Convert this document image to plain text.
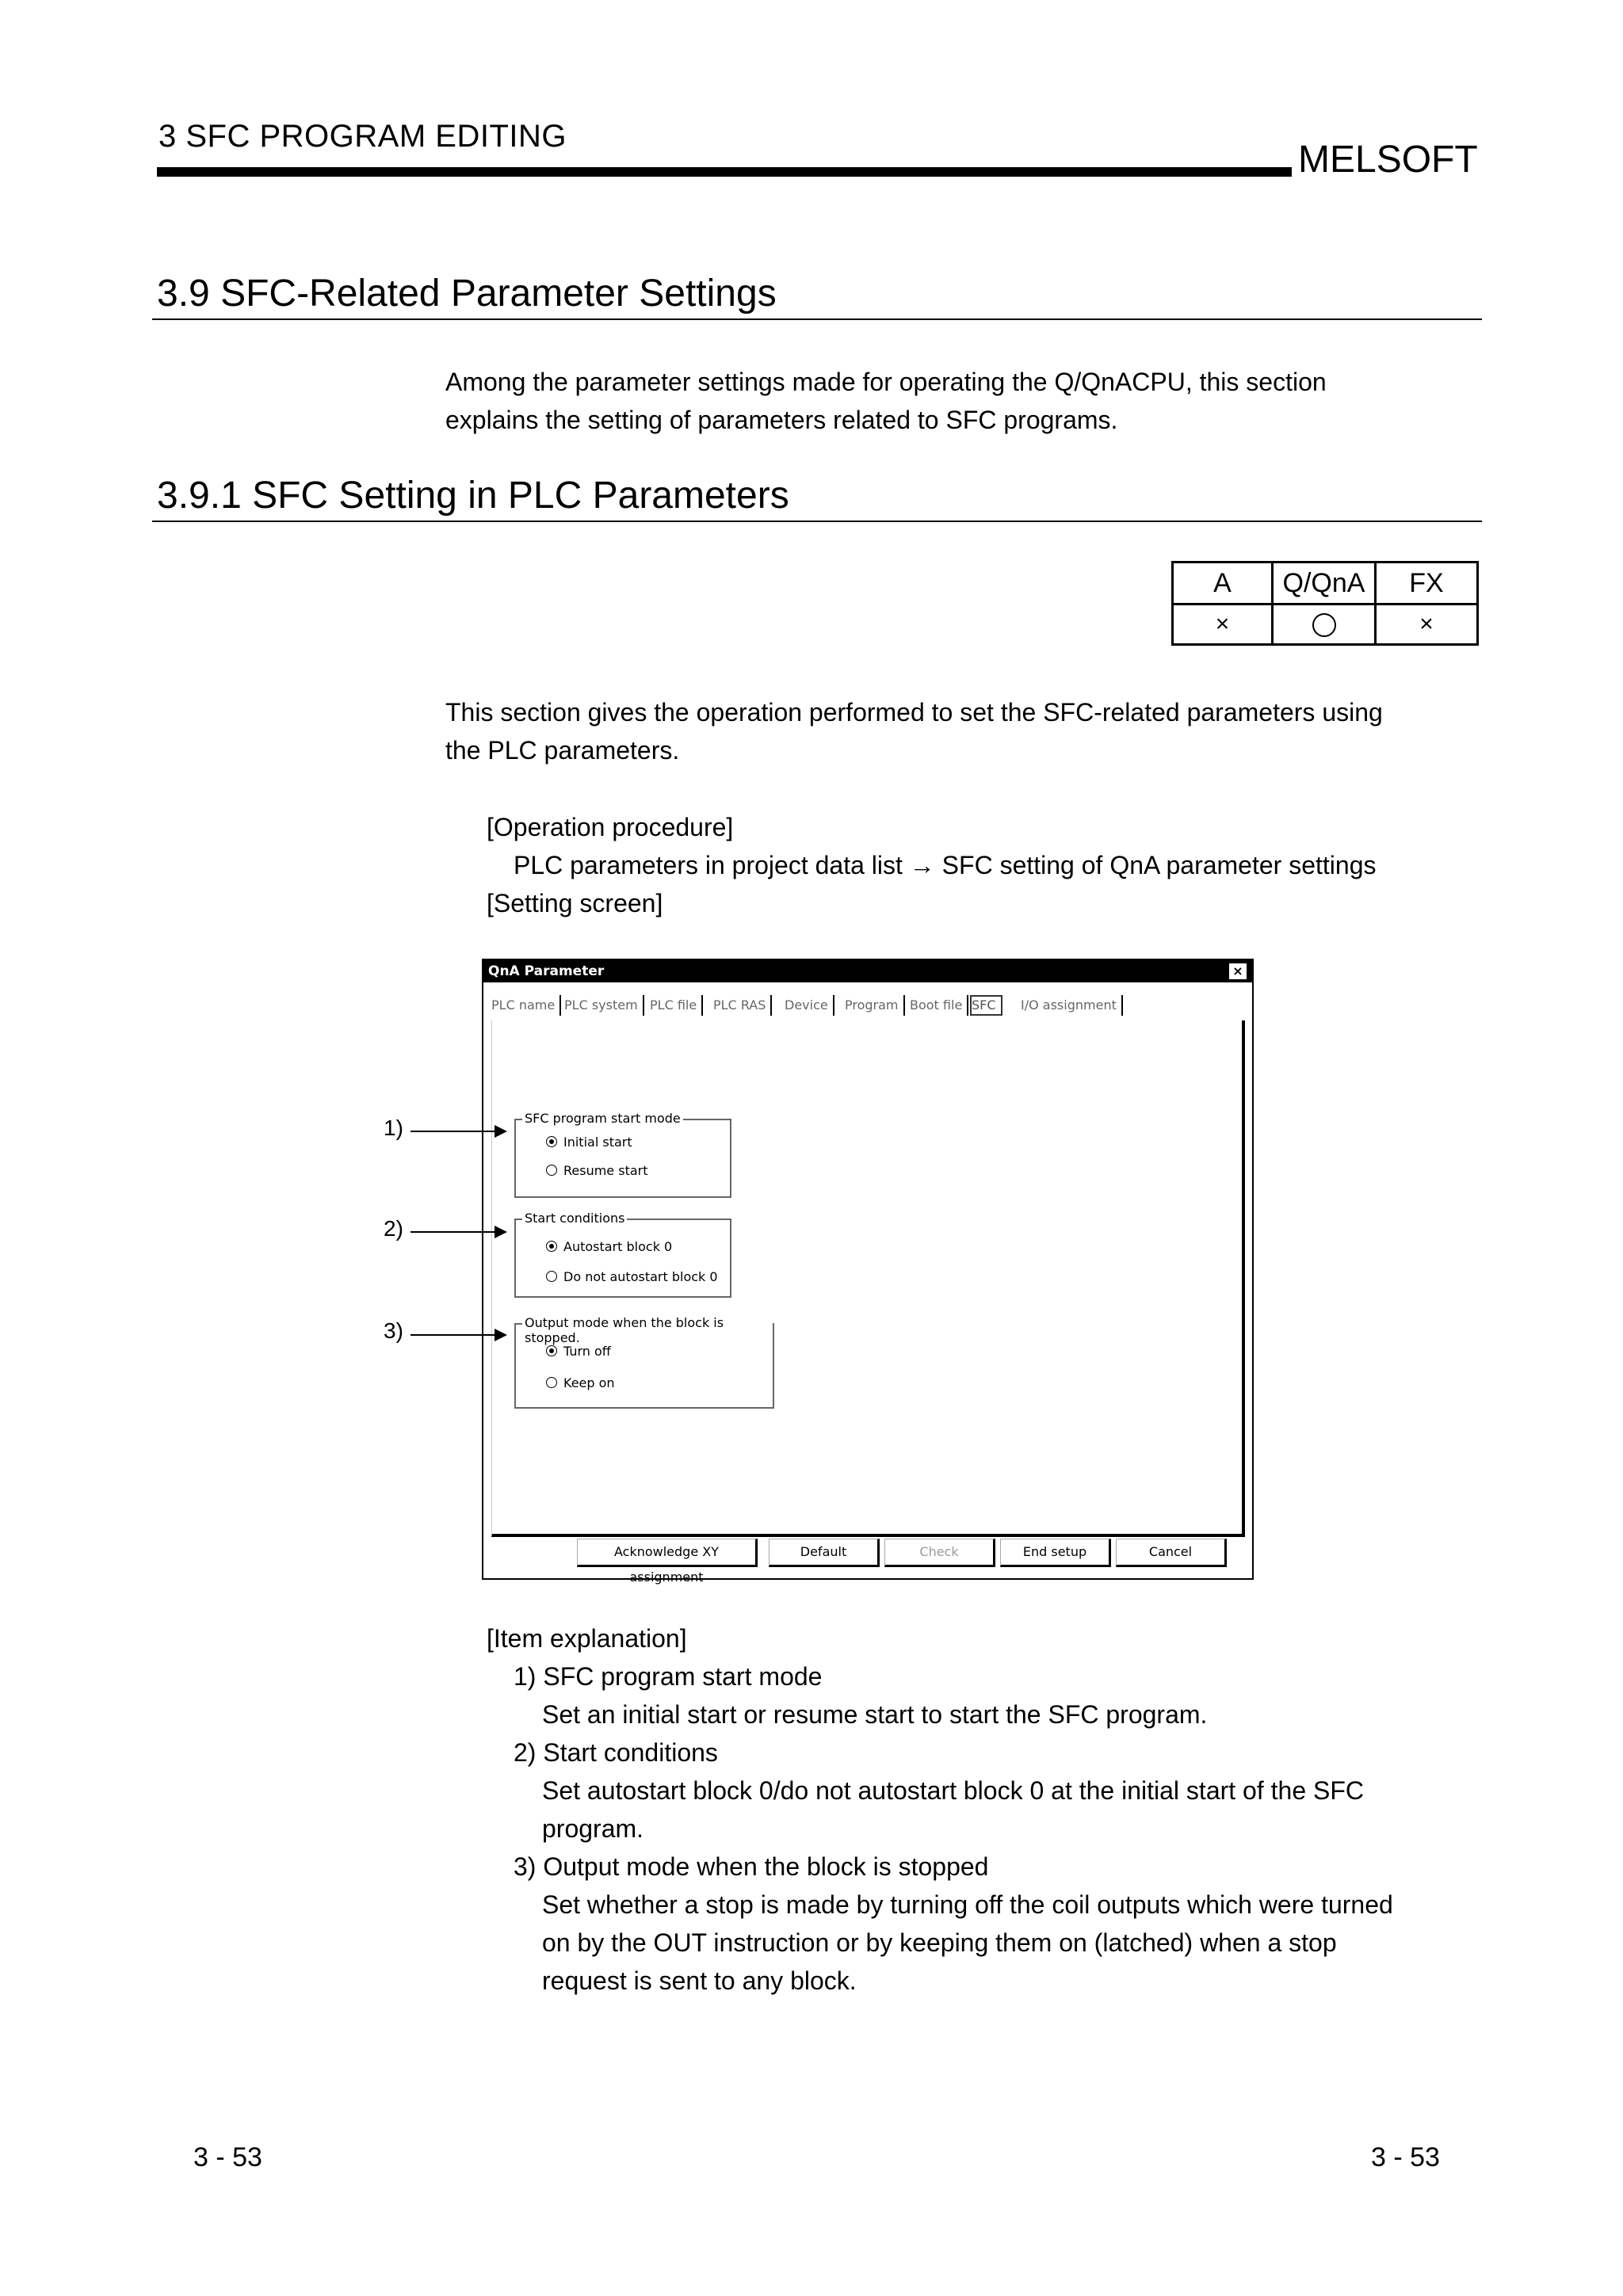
3 SFC PROGRAM EDITING
MELSOFT
3.9 SFC-Related Parameter Settings
Among the parameter settings made for operating the Q/QnACPU, this section
explains the setting of parameters related to SFC programs.
3.9.1 SFC Setting in PLC Parameters
A	Q/QnA	FX
×		×
This section gives the operation performed to set the SFC-related parameters using
the PLC parameters.
[Operation procedure]
PLC parameters in project data list → SFC setting of QnA parameter settings
[Setting screen]
QnA Parameter	×
PLC name PLC system PLC file	PLC RAS	Device	Program Boot file SFC	I/O assignment
SFC program start mode
Initial start
Resume start
Start conditions
Autostart block 0
Do not autostart block 0
Output mode when the block is stopped.
Turn off
Keep on
Acknowledge XY assignment
Default	Check	End setup	Cancel
1)
2)
3)
[Item explanation]
1) SFC program start mode
Set an initial start or resume start to start the SFC program.
2) Start conditions
Set autostart block 0/do not autostart block 0 at the initial start of the SFC
program.
3) Output mode when the block is stopped
Set whether a stop is made by turning off the coil outputs which were turned
on by the OUT instruction or by keeping them on (latched) when a stop
request is sent to any block.
3 - 53	3 - 53
